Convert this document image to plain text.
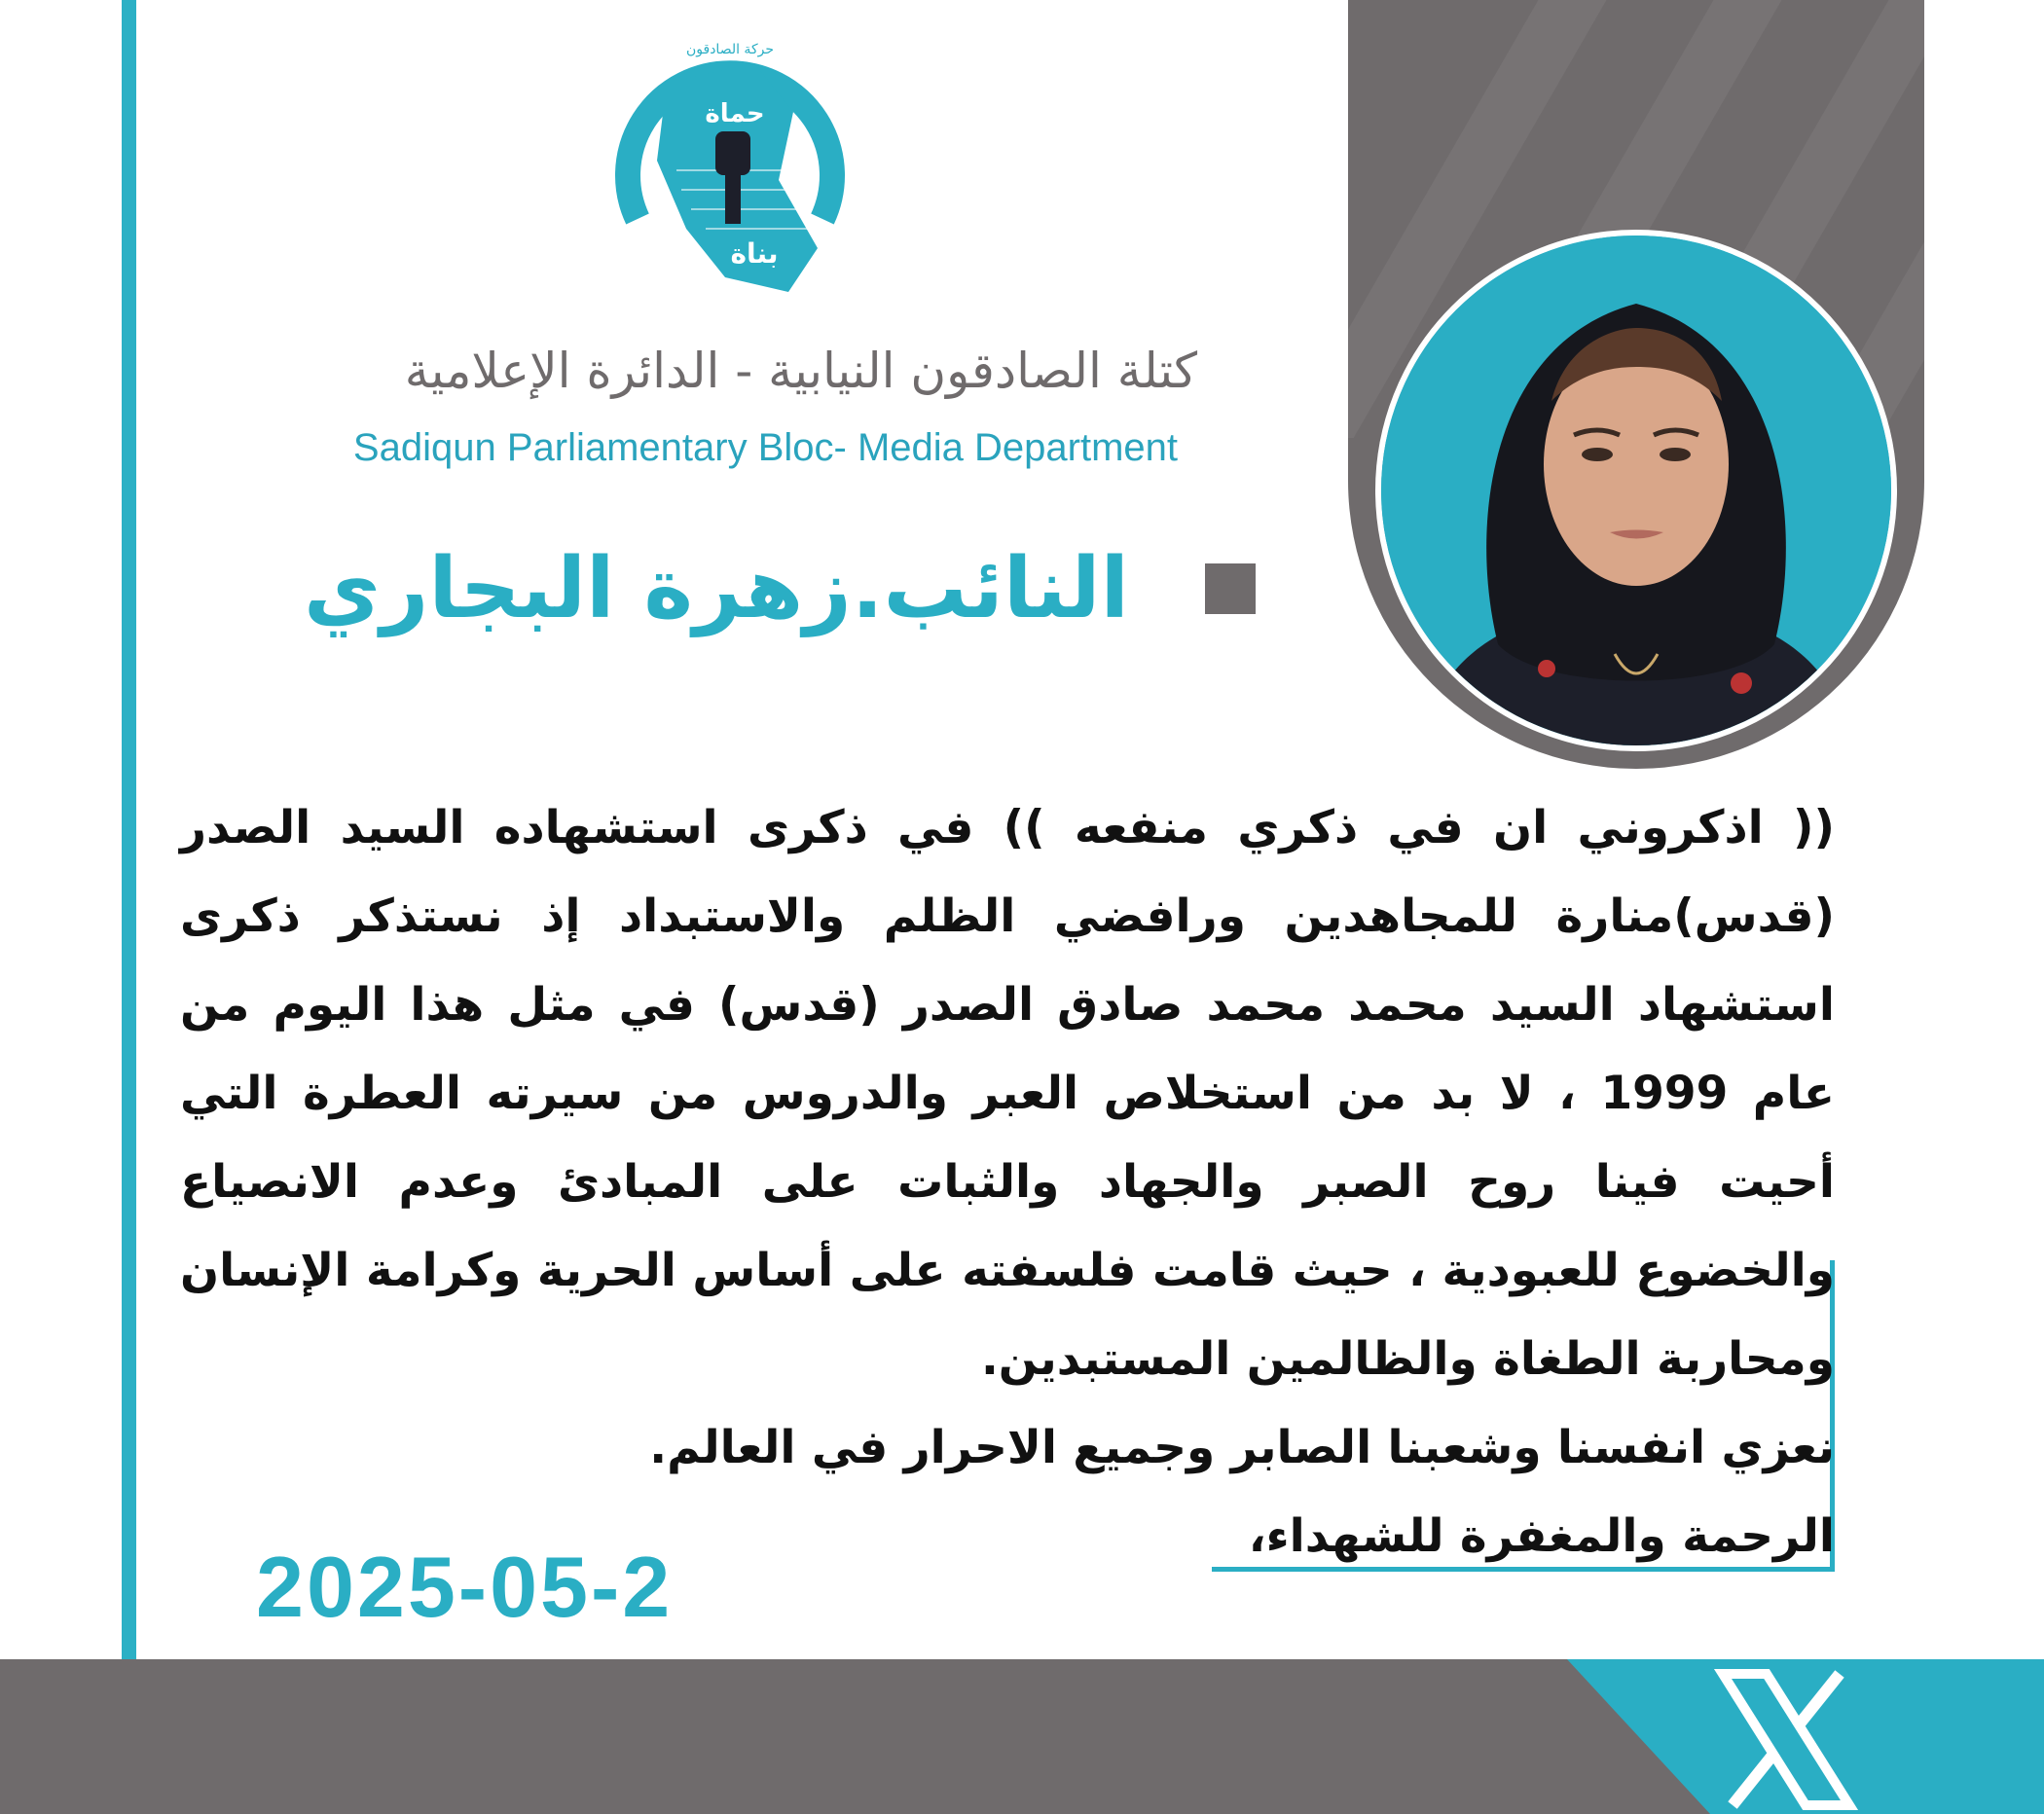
حماة
بناة
حركة الصادقون
كتلة الصادقون النيابية - الدائرة الإعلامية
Sadiqun Parliamentary Bloc- Media Department
النائب.زهرة البجاري

(( اذكروني ان في ذكري منفعه )) في ذكرى استشهاده السيد الصدر (قدس)منارة للمجاهدين ورافضي الظلم والاستبداد إذ نستذكر ذكرى استشهاد السيد محمد محمد صادق الصدر (قدس) في مثل هذا اليوم من عام 1999 ، لا بد من استخلاص العبر والدروس من سيرته العطرة التي أحيت فينا روح الصبر والجهاد والثبات على المبادئ وعدم الانصياع والخضوع للعبودية ، حيث قامت فلسفته على أساس الحرية وكرامة الإنسان ومحاربة الطغاة والظالمين المستبدين.

نعزي انفسنا وشعبنا الصابر وجميع الاحرار في العالم.

الرحمة والمغفرة للشهداء،

2025-05-2
